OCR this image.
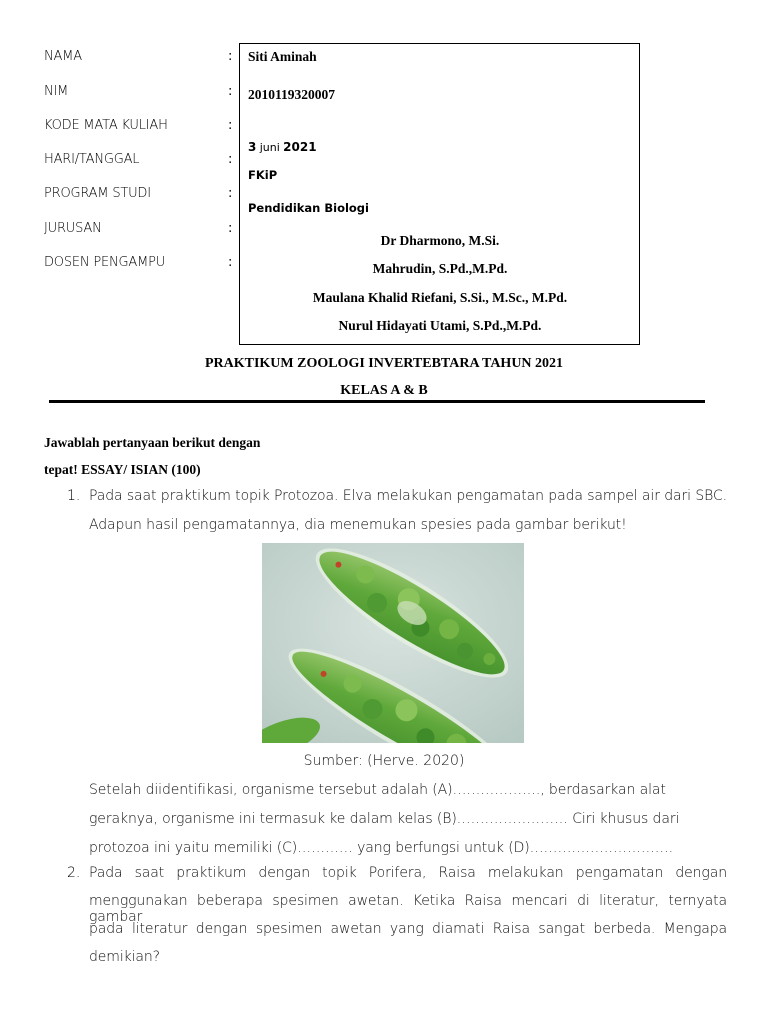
NAMA
NIM
KODE MATA KULIAH
HARI/TANGGAL
PROGRAM STUDI
JURUSAN
DOSEN PENGAMPU
:
:
:
:
:
:
:
Siti Aminah
2010119320007
3 juni 2021
FKiP
Pendidikan Biologi
Dr Dharmono, M.Si.
Mahrudin, S.Pd.,M.Pd.
Maulana Khalid Riefani, S.Si., M.Sc., M.Pd.
Nurul Hidayati Utami, S.Pd.,M.Pd.
PRAKTIKUM ZOOLOGI INVERTEBTARA TAHUN 2021
KELAS A & B
Jawablah pertanyaan berikut dengan
tepat! ESSAY/ ISIAN (100)
1. Pada saat praktikum topik Protozoa. Elva melakukan pengamatan pada sampel air dari SBC.
Adapun hasil pengamatannya, dia menemukan spesies pada gambar berikut!
Sumber: (Herve. 2020)
Setelah diidentifikasi, organisme tersebut adalah (A)………………., berdasarkan alat
geraknya, organisme ini termasuk ke dalam kelas (B)…………………… Ciri khusus dari
protozoa ini yaitu memiliki (C)………… yang berfungsi untuk (D)………………………….
2. Pada saat praktikum dengan topik Porifera, Raisa melakukan pengamatan dengan
menggunakan beberapa spesimen awetan. Ketika Raisa mencari di literatur, ternyata gambar
pada literatur dengan spesimen awetan yang diamati Raisa sangat berbeda. Mengapa
demikian?
